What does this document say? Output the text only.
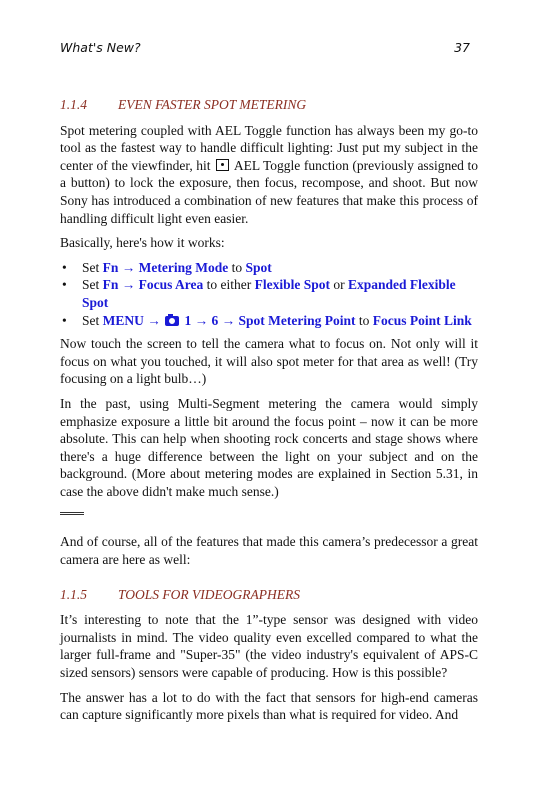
What's New?	37
1.1.4 EVEN FASTER SPOT METERING

Spot metering coupled with AEL Toggle function has always been my go-to tool as the fastest way to handle difficult lighting: Just put my subject in the center of the viewfinder, hit AEL Toggle function (previously assigned to a button) to lock the exposure, then focus, recompose, and shoot. But now Sony has introduced a combination of new features that make this process of handling difficult light even easier.

Basically, here's how it works:

• Set Fn → Metering Mode to Spot
• Set Fn → Focus Area to either Flexible Spot or Expanded Flexible Spot
• Set MENU → 1 → 6 → Spot Metering Point to Focus Point Link

Now touch the screen to tell the camera what to focus on. Not only will it focus on what you touched, it will also spot meter for that area as well! (Try focusing on a light bulb…)

In the past, using Multi-Segment metering the camera would simply emphasize exposure a little bit around the focus point – now it can be more absolute. This can help when shooting rock concerts and stage shows where there's a huge difference between the light on your subject and on the background. (More about metering modes are explained in Section 5.31, in case the above didn't make much sense.)

And of course, all of the features that made this camera’s predecessor a great camera are here as well:

1.1.5 TOOLS FOR VIDEOGRAPHERS

It’s interesting to note that the 1”-type sensor was designed with video journalists in mind. The video quality even excelled compared to what the larger full-frame and "Super-35" (the video industry's equivalent of APS-C sized sensors) sensors were capable of producing. How is this possible?

The answer has a lot to do with the fact that sensors for high-end cameras can capture significantly more pixels than what is required for video. And
